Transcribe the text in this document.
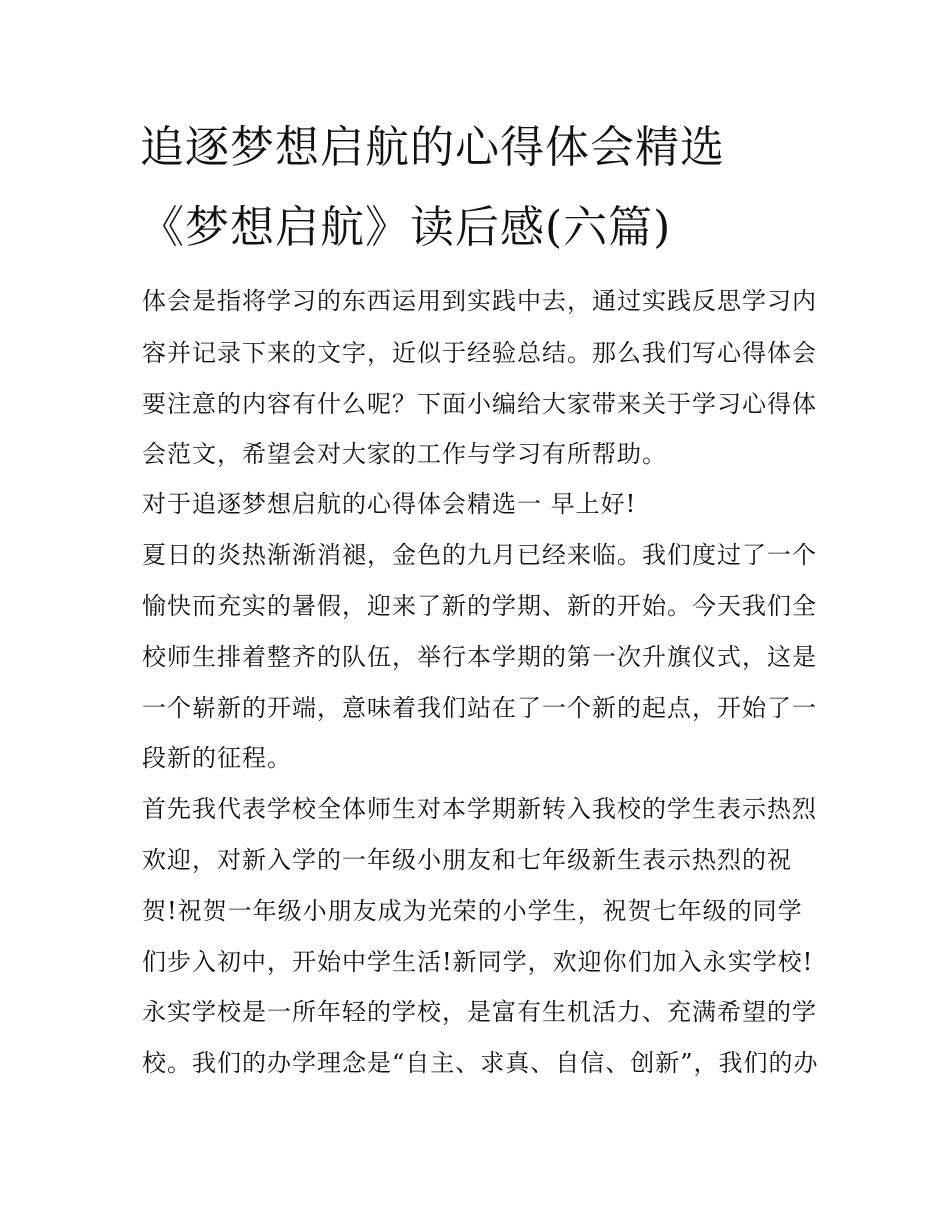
追逐梦想启航的心得体会精选
《梦想启航》读后感(六篇)
体会是指将学习的东西运用到实践中去，通过实践反思学习内
容并记录下来的文字，近似于经验总结。那么我们写心得体会
要注意的内容有什么呢？下面小编给大家带来关于学习心得体
会范文，希望会对大家的工作与学习有所帮助。
对于追逐梦想启航的心得体会精选一 早上好!
夏日的炎热渐渐消褪，金色的九月已经来临。我们度过了一个
愉快而充实的暑假，迎来了新的学期、新的开始。今天我们全
校师生排着整齐的队伍，举行本学期的第一次升旗仪式，这是
一个崭新的开端，意味着我们站在了一个新的起点，开始了一
段新的征程。
首先我代表学校全体师生对本学期新转入我校的学生表示热烈
欢迎，对新入学的一年级小朋友和七年级新生表示热烈的祝
贺!祝贺一年级小朋友成为光荣的小学生，祝贺七年级的同学
们步入初中，开始中学生活!新同学，欢迎你们加入永实学校!
永实学校是一所年轻的学校，是富有生机活力、充满希望的学
校。我们的办学理念是“自主、求真、自信、创新”，我们的办
